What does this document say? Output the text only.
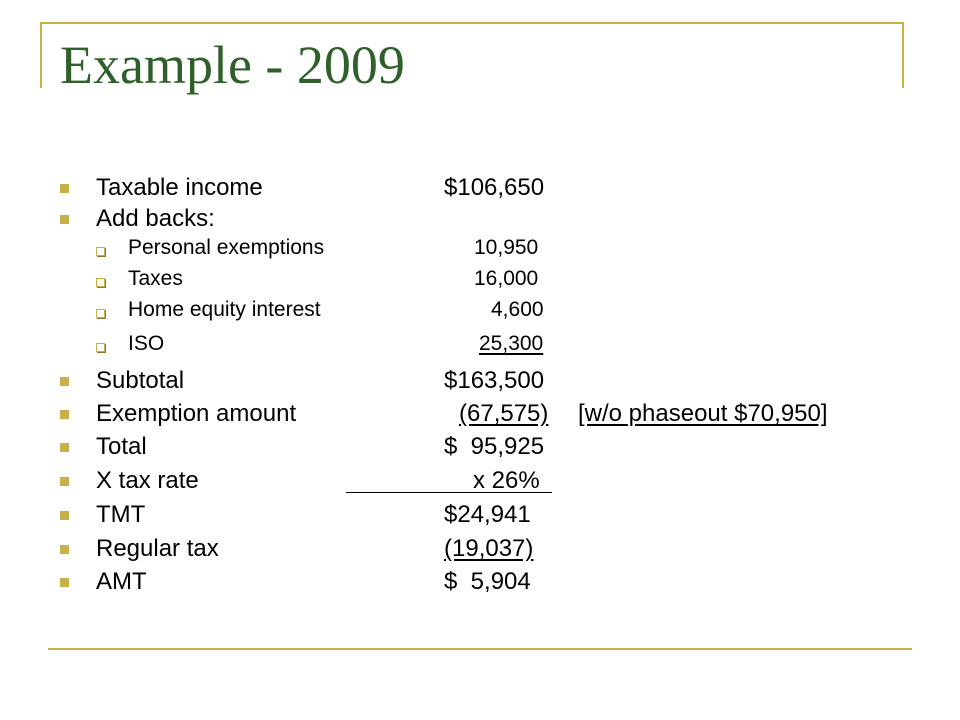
Example - 2009
Taxable income	$106,650
Add backs:
Personal exemptions	10,950
Taxes	16,000
Home equity interest	4,600
ISO	25,300
Subtotal	$163,500
Exemption amount	(67,575) [w/o phaseout $70,950]
Total	$  95,925
X tax rate	x 26%
TMT	$24,941
Regular tax	(19,037)
AMT	$  5,904
